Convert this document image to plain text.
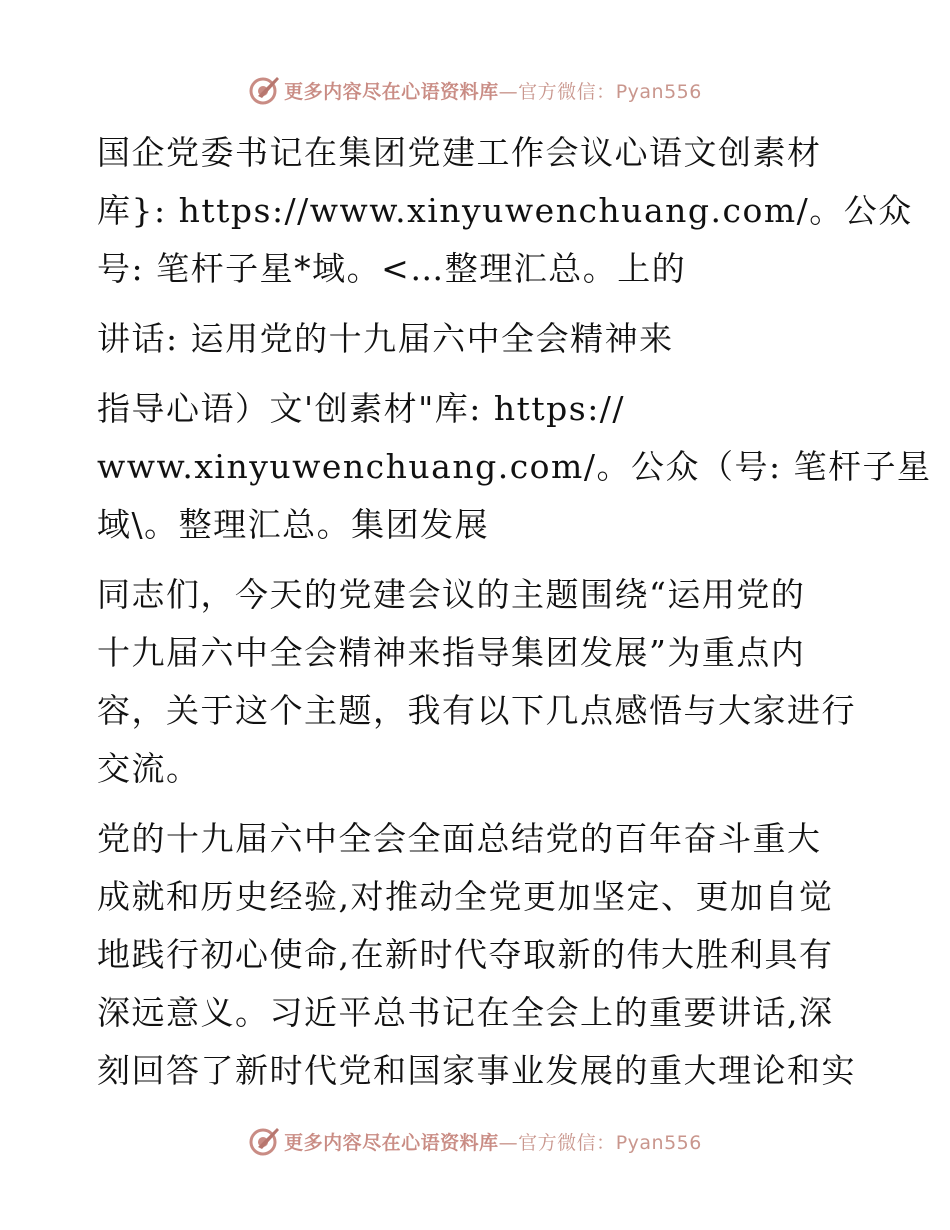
更多内容尽在心语资料库—官方微信：Pyan556

国企党委书记在集团党建工作会议心语文创素材
库}: https://www.xinyuwenchuang.com/。公众
号: 笔杆子星*域。<…整理汇总。上的

讲话: 运用党的十九届六中全会精神来

指导心语）文'创素材"库: https://
www.xinyuwenchuang.com/。公众（号: 笔杆子星
域\。整理汇总。集团发展

同志们，今天的党建会议的主题围绕“运用党的
十九届六中全会精神来指导集团发展”为重点内
容，关于这个主题，我有以下几点感悟与大家进行
交流。

党的十九届六中全会全面总结党的百年奋斗重大
成就和历史经验,对推动全党更加坚定、更加自觉
地践行初心使命,在新时代夺取新的伟大胜利具有
深远意义。习近平总书记在全会上的重要讲话,深
刻回答了新时代党和国家事业发展的重大理论和实

更多内容尽在心语资料库—官方微信：Pyan556
